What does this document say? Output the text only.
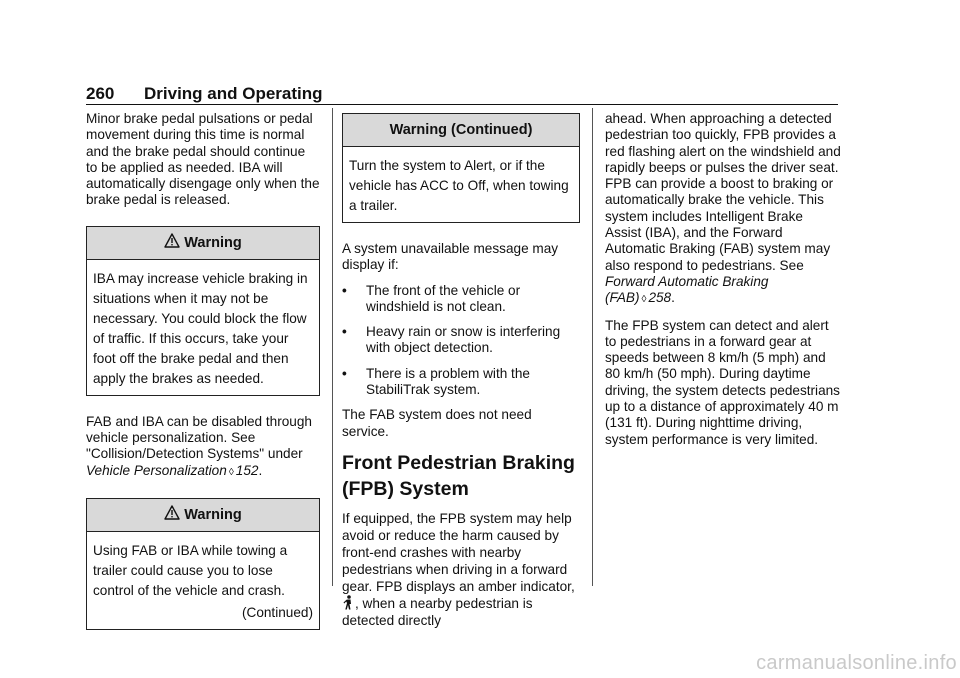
260 Driving and Operating

Minor brake pedal pulsations or pedal movement during this time is normal and the brake pedal should continue to be applied as needed. IBA will automatically disengage only when the brake pedal is released.

Warning
IBA may increase vehicle braking in situations when it may not be necessary. You could block the flow of traffic. If this occurs, take your foot off the brake pedal and then apply the brakes as needed.

FAB and IBA can be disabled through vehicle personalization. See "Collision/Detection Systems" under Vehicle Personalization ◊ 152.

Warning
Using FAB or IBA while towing a trailer could cause you to lose control of the vehicle and crash.
(Continued)
Warning (Continued)
Turn the system to Alert, or if the vehicle has ACC to Off, when towing a trailer.

A system unavailable message may display if:

•	The front of the vehicle or windshield is not clean.
•	Heavy rain or snow is interfering with object detection.
•	There is a problem with the StabiliTrak system.

The FAB system does not need service.

Front Pedestrian Braking (FPB) System

If equipped, the FPB system may help avoid or reduce the harm caused by front-end crashes with nearby pedestrians when driving in a forward gear. FPB displays an amber indicator,, when a nearby pedestrian is detected directly

ahead. When approaching a detected pedestrian too quickly, FPB provides a red flashing alert on the windshield and rapidly beeps or pulses the driver seat. FPB can provide a boost to braking or automatically brake the vehicle. This system includes Intelligent Brake Assist (IBA), and the Forward Automatic Braking (FAB) system may also respond to pedestrians. See Forward Automatic Braking (FAB) ◊ 258.

The FPB system can detect and alert to pedestrians in a forward gear at speeds between 8 km/h (5 mph) and 80 km/h (50 mph). During daytime driving, the system detects pedestrians up to a distance of approximately 40 m (131 ft). During nighttime driving, system performance is very limited.

carmanualsonline.info
